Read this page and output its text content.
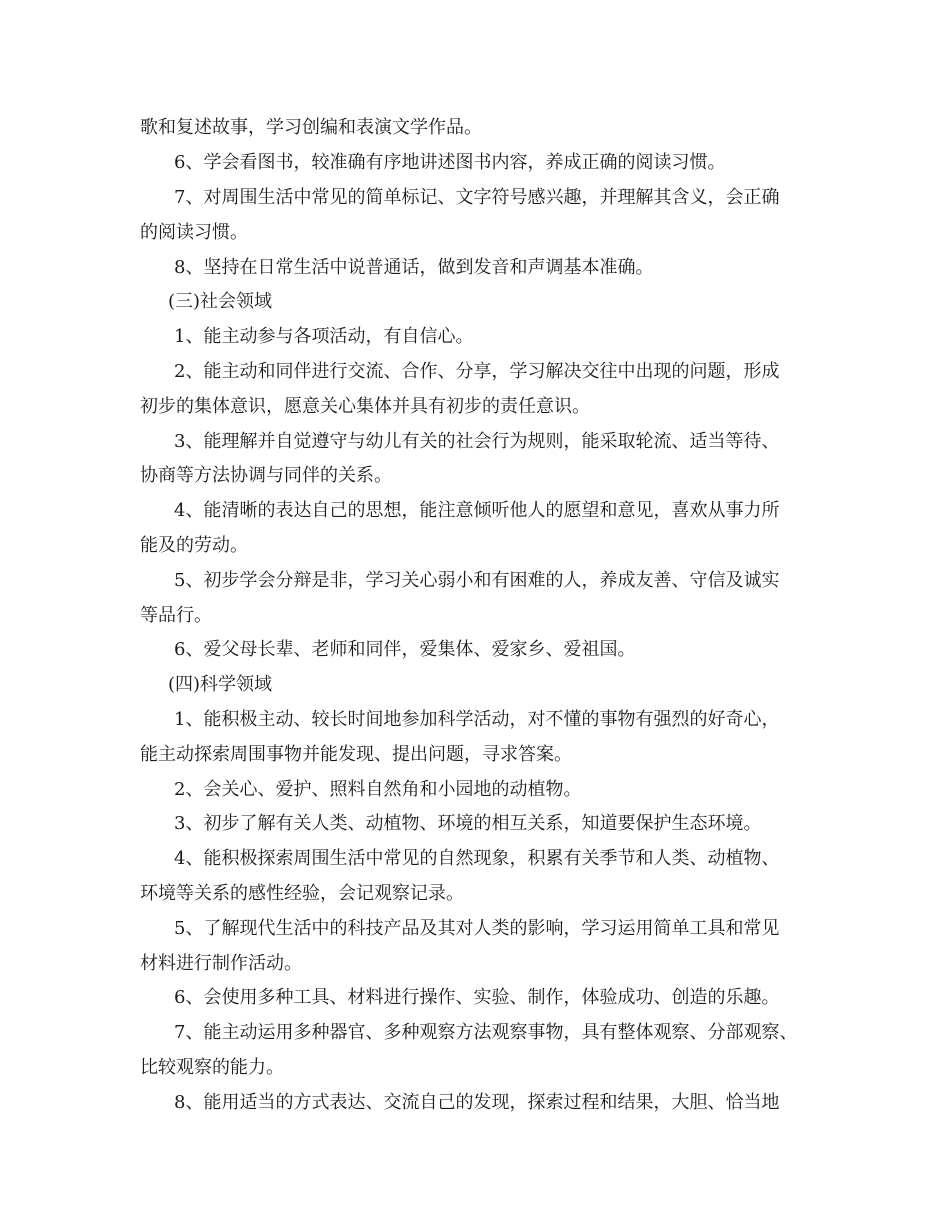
歌和复述故事，学习创编和表演文学作品。
6、学会看图书，较准确有序地讲述图书内容，养成正确的阅读习惯。
7、对周围生活中常见的简单标记、文字符号感兴趣，并理解其含义，会正确
的阅读习惯。
8、坚持在日常生活中说普通话，做到发音和声调基本准确。
(三)社会领域
1、能主动参与各项活动，有自信心。
2、能主动和同伴进行交流、合作、分享，学习解决交往中出现的问题，形成
初步的集体意识，愿意关心集体并具有初步的责任意识。
3、能理解并自觉遵守与幼儿有关的社会行为规则，能采取轮流、适当等待、
协商等方法协调与同伴的关系。
4、能清晰的表达自己的思想，能注意倾听他人的愿望和意见，喜欢从事力所
能及的劳动。
5、初步学会分辩是非，学习关心弱小和有困难的人，养成友善、守信及诚实
等品行。
6、爱父母长辈、老师和同伴，爱集体、爱家乡、爱祖国。
(四)科学领域
1、能积极主动、较长时间地参加科学活动，对不懂的事物有强烈的好奇心，
能主动探索周围事物并能发现、提出问题，寻求答案。
2、会关心、爱护、照料自然角和小园地的动植物。
3、初步了解有关人类、动植物、环境的相互关系，知道要保护生态环境。
4、能积极探索周围生活中常见的自然现象，积累有关季节和人类、动植物、
环境等关系的感性经验，会记观察记录。
5、了解现代生活中的科技产品及其对人类的影响，学习运用简单工具和常见
材料进行制作活动。
6、会使用多种工具、材料进行操作、实验、制作，体验成功、创造的乐趣。
7、能主动运用多种器官、多种观察方法观察事物，具有整体观察、分部观察、
比较观察的能力。
8、能用适当的方式表达、交流自己的发现，探索过程和结果，大胆、恰当地
